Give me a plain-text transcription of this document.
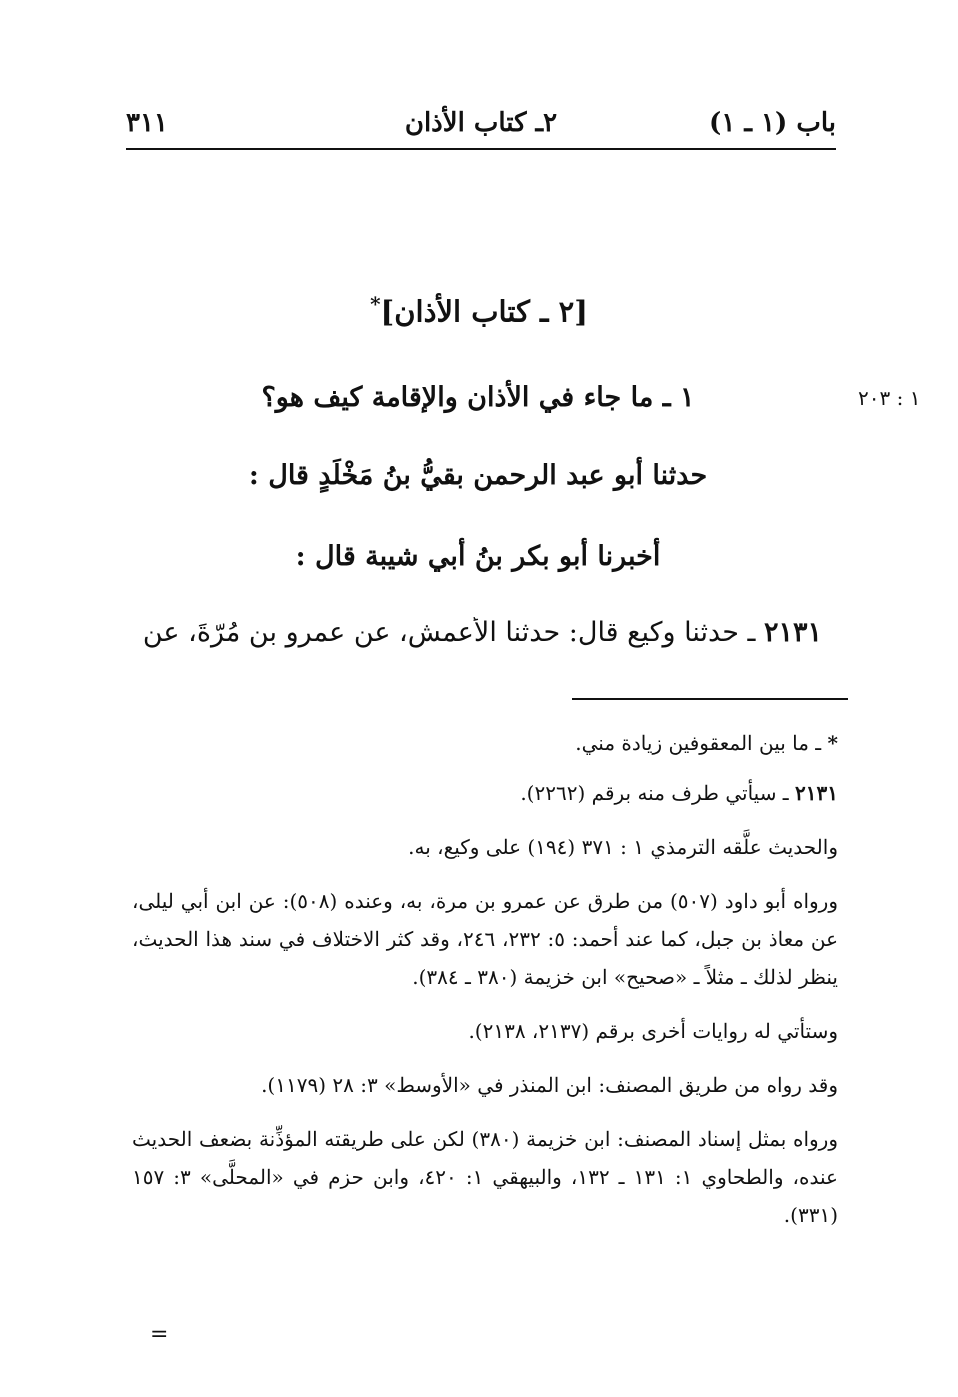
باب (١ ـ ١)
٢ـ كتاب الأذان
٣١١
[٢ ـ كتاب الأذان]*
١ : ٢٠٣
١ ـ ما جاء في الأذان والإقامة كيف هو؟
حدثنا أبو عبد الرحمن بقيُّ بنُ مَخْلَدٍ قال :
أخبرنا أبو بكر بنُ أبي شيبة قال :
٢١٣١ ـ حدثنا وكيع قال: حدثنا الأعمش، عن عمرو بن مُرّةَ، عن

* ـ ما بين المعقوفين زيادة مني.

٢١٣١ ـ سيأتي طرف منه برقم (٢٢٦٢).

والحديث علَّقه الترمذي ١ : ٣٧١ (١٩٤) على وكيع، به.

ورواه أبو داود (٥٠٧) من طرق عن عمرو بن مرة، به، وعنده (٥٠٨): عن ابن أبي ليلى، عن معاذ بن جبل، كما عند أحمد: ٥: ٢٣٢، ٢٤٦، وقد كثر الاختلاف في سند هذا الحديث، ينظر لذلك ـ مثلاً ـ «صحيح» ابن خزيمة (٣٨٠ ـ ٣٨٤).

وستأتي له روايات أخرى برقم (٢١٣٧، ٢١٣٨).

وقد رواه من طريق المصنف: ابن المنذر في «الأوسط» ٣: ٢٨ (١١٧٩).

ورواه بمثل إسناد المصنف: ابن خزيمة (٣٨٠) لكن على طريقته المؤذِّنة بضعف الحديث عنده، والطحاوي ١: ١٣١ ـ ١٣٢، والبيهقي ١: ٤٢٠، وابن حزم في «المحلَّى» ٣: ١٥٧ (٣٣١).

=
